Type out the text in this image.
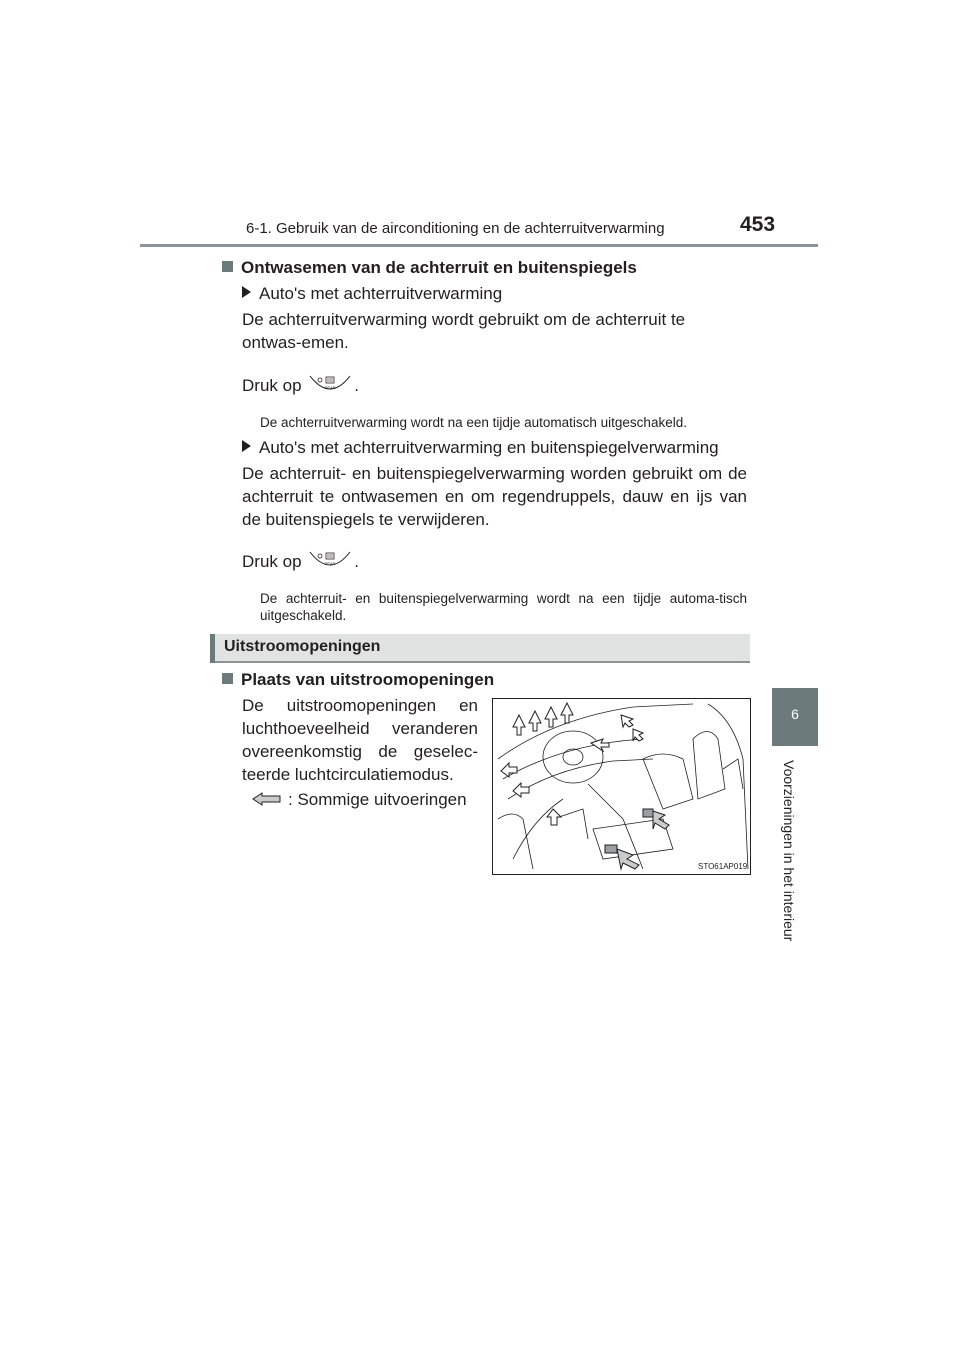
6-1. Gebruik van de airconditioning en de achterruitverwarming	453
6
Voorzieningen in het interieur
Ontwasemen van de achterruit en buitenspiegels
Auto's met achterruitverwarming
De achterruitverwarming wordt gebruikt om de achterruit te ontwas-emen.
Druk op	REAR .
De achterruitverwarming wordt na een tijdje automatisch uitgeschakeld.
Auto's met achterruitverwarming en buitenspiegelverwarming
De achterruit- en buitenspiegelverwarming worden gebruikt om de achterruit te ontwasemen en om regendruppels, dauw en ijs van de buitenspiegels te verwijderen.
Druk op	REAR .
De achterruit- en buitenspiegelverwarming wordt na een tijdje automa-tisch uitgeschakeld.
Uitstroomopeningen
Plaats van uitstroomopeningen
De uitstroomopeningen en luchthoeveelheid veranderen overeenkomstig de geselec-teerde luchtcirculatiemodus.
: Sommige uitvoeringen
STO61AP019
